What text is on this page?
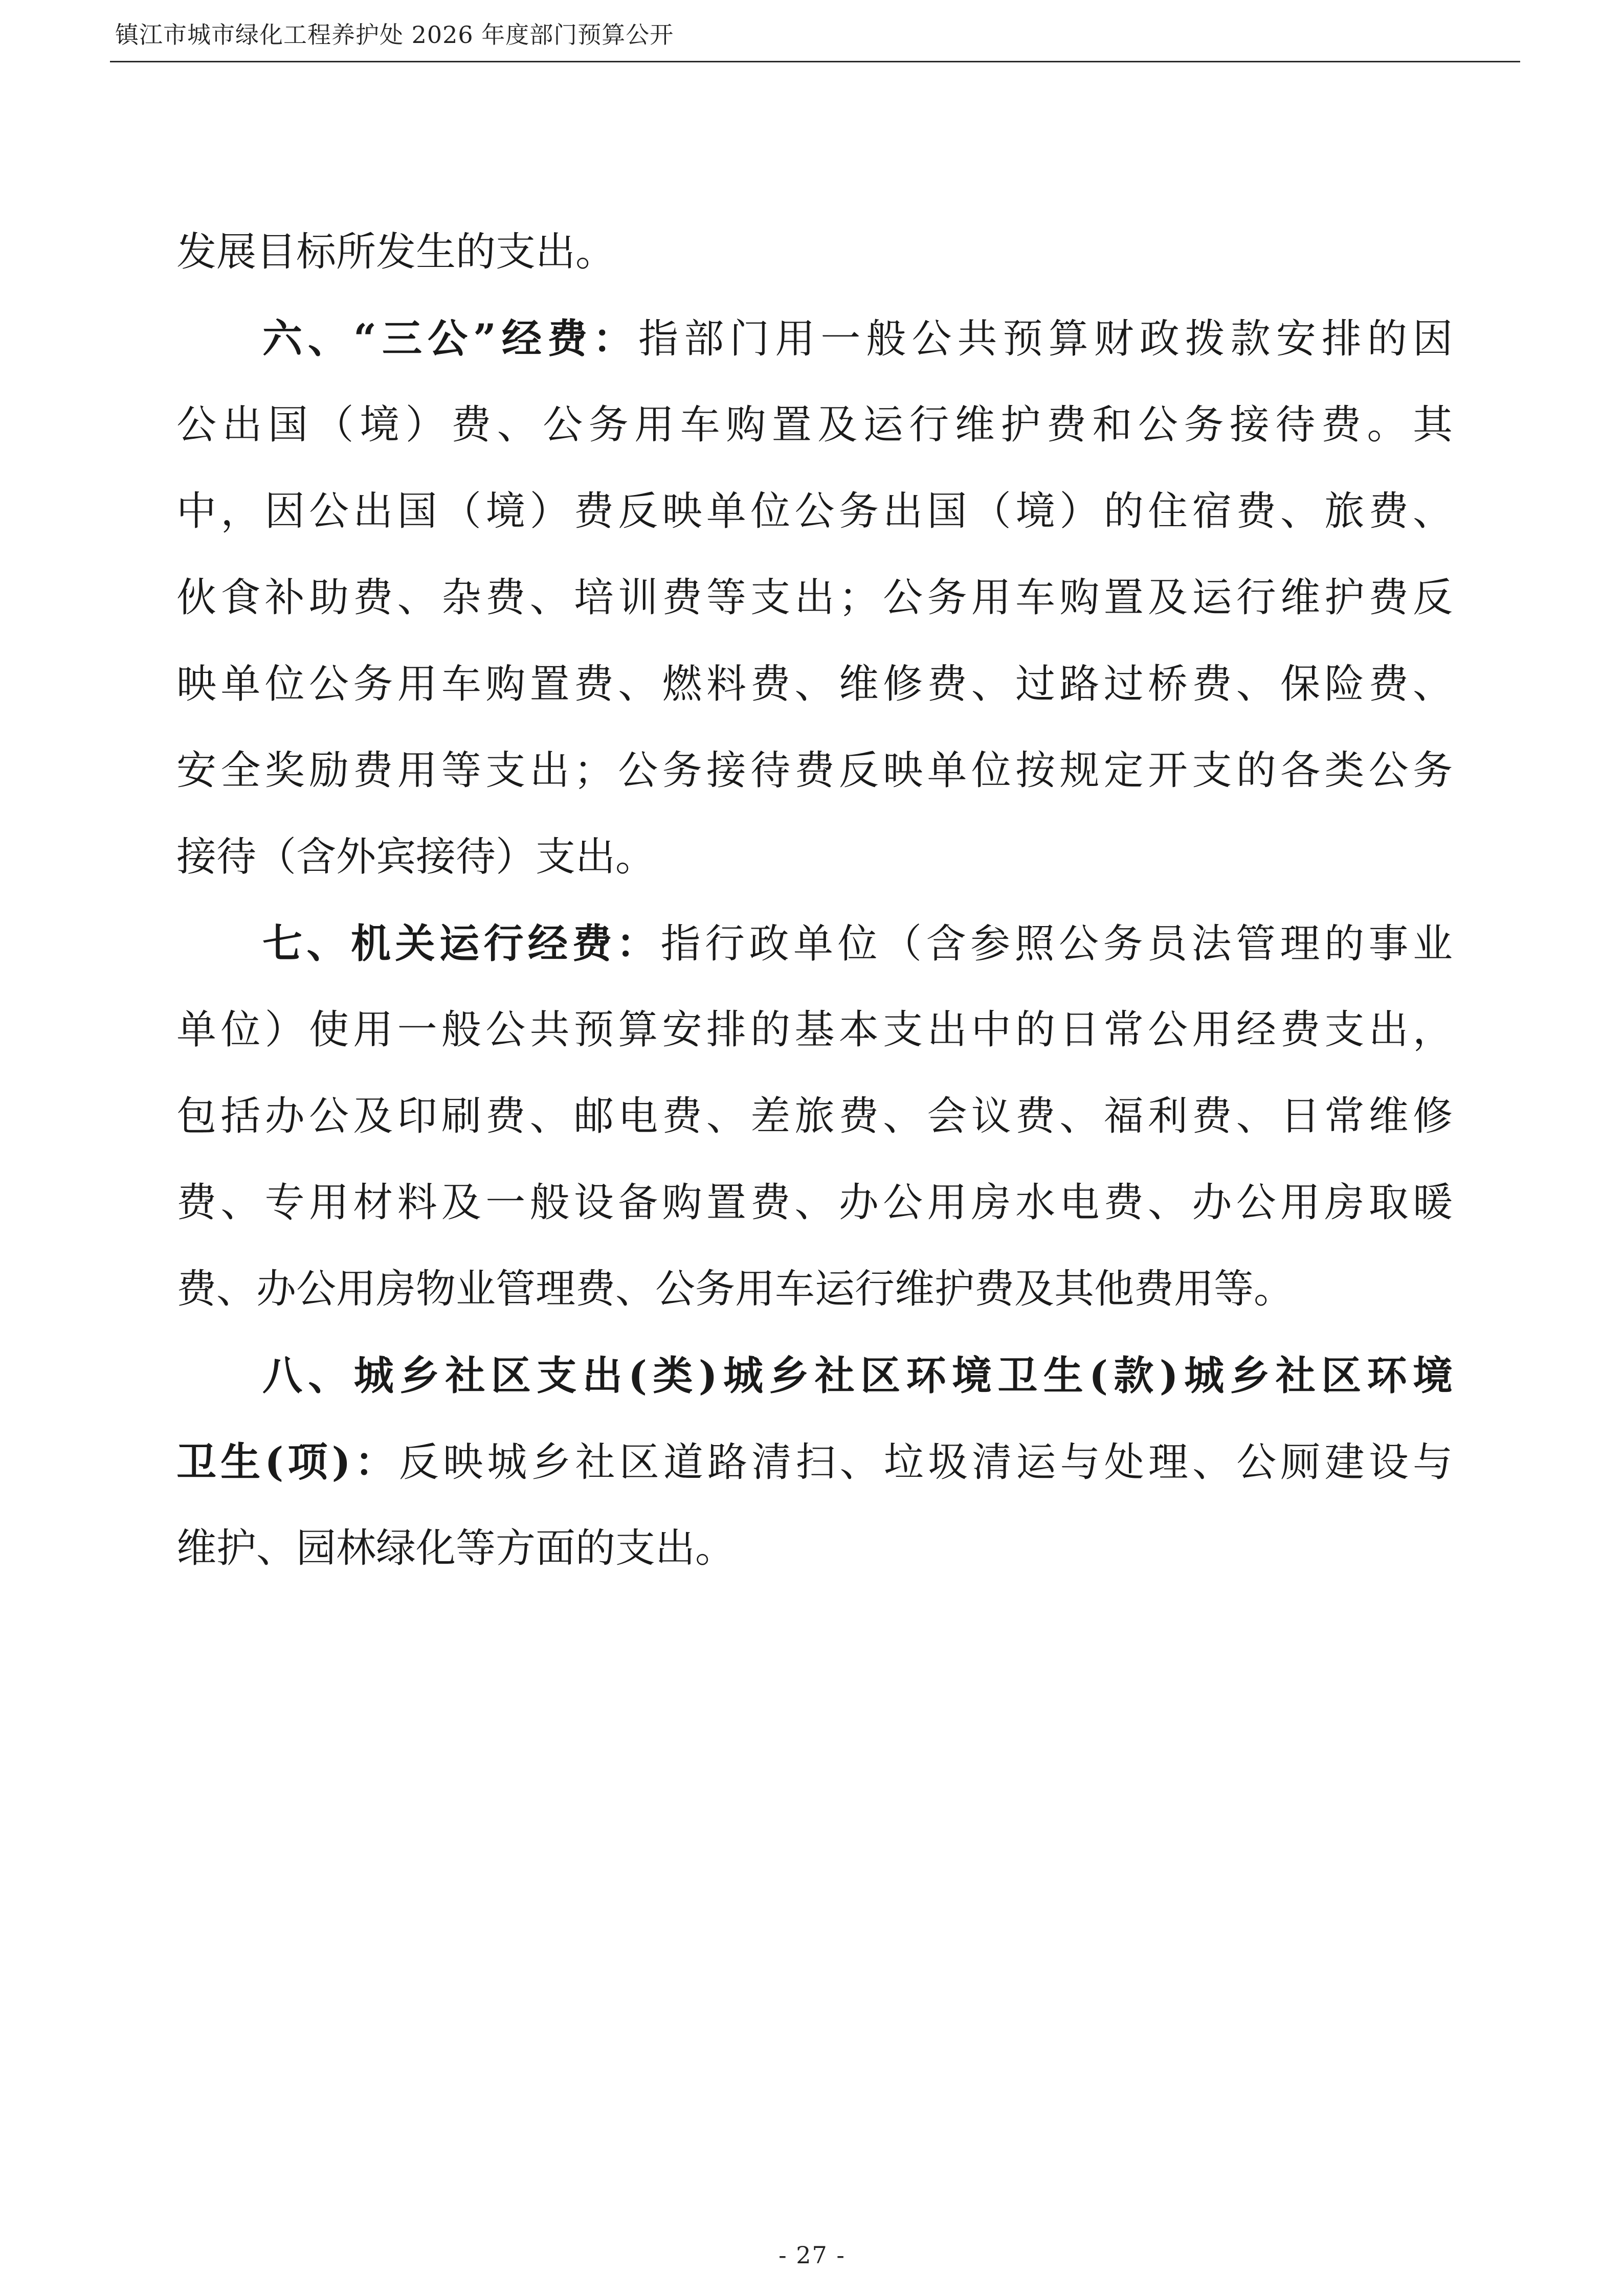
镇江市城市绿化工程养护处 2026 年度部门预算公开
发展目标所发生的支出。
六、“三公”经费：指部门用一般公共预算财政拨款安排的因
公出国（境）费、公务用车购置及运行维护费和公务接待费。其
中，因公出国（境）费反映单位公务出国（境）的住宿费、旅费、
伙食补助费、杂费、培训费等支出；公务用车购置及运行维护费反
映单位公务用车购置费、燃料费、维修费、过路过桥费、保险费、
安全奖励费用等支出；公务接待费反映单位按规定开支的各类公务
接待（含外宾接待）支出。
七、机关运行经费：指行政单位（含参照公务员法管理的事业
单位）使用一般公共预算安排的基本支出中的日常公用经费支出，
包括办公及印刷费、邮电费、差旅费、会议费、福利费、日常维修
费、专用材料及一般设备购置费、办公用房水电费、办公用房取暖
费、办公用房物业管理费、公务用车运行维护费及其他费用等。
八、城乡社区支出(类)城乡社区环境卫生(款)城乡社区环境
卫生(项)：反映城乡社区道路清扫、垃圾清运与处理、公厕建设与
维护、园林绿化等方面的支出。
- 27 -
